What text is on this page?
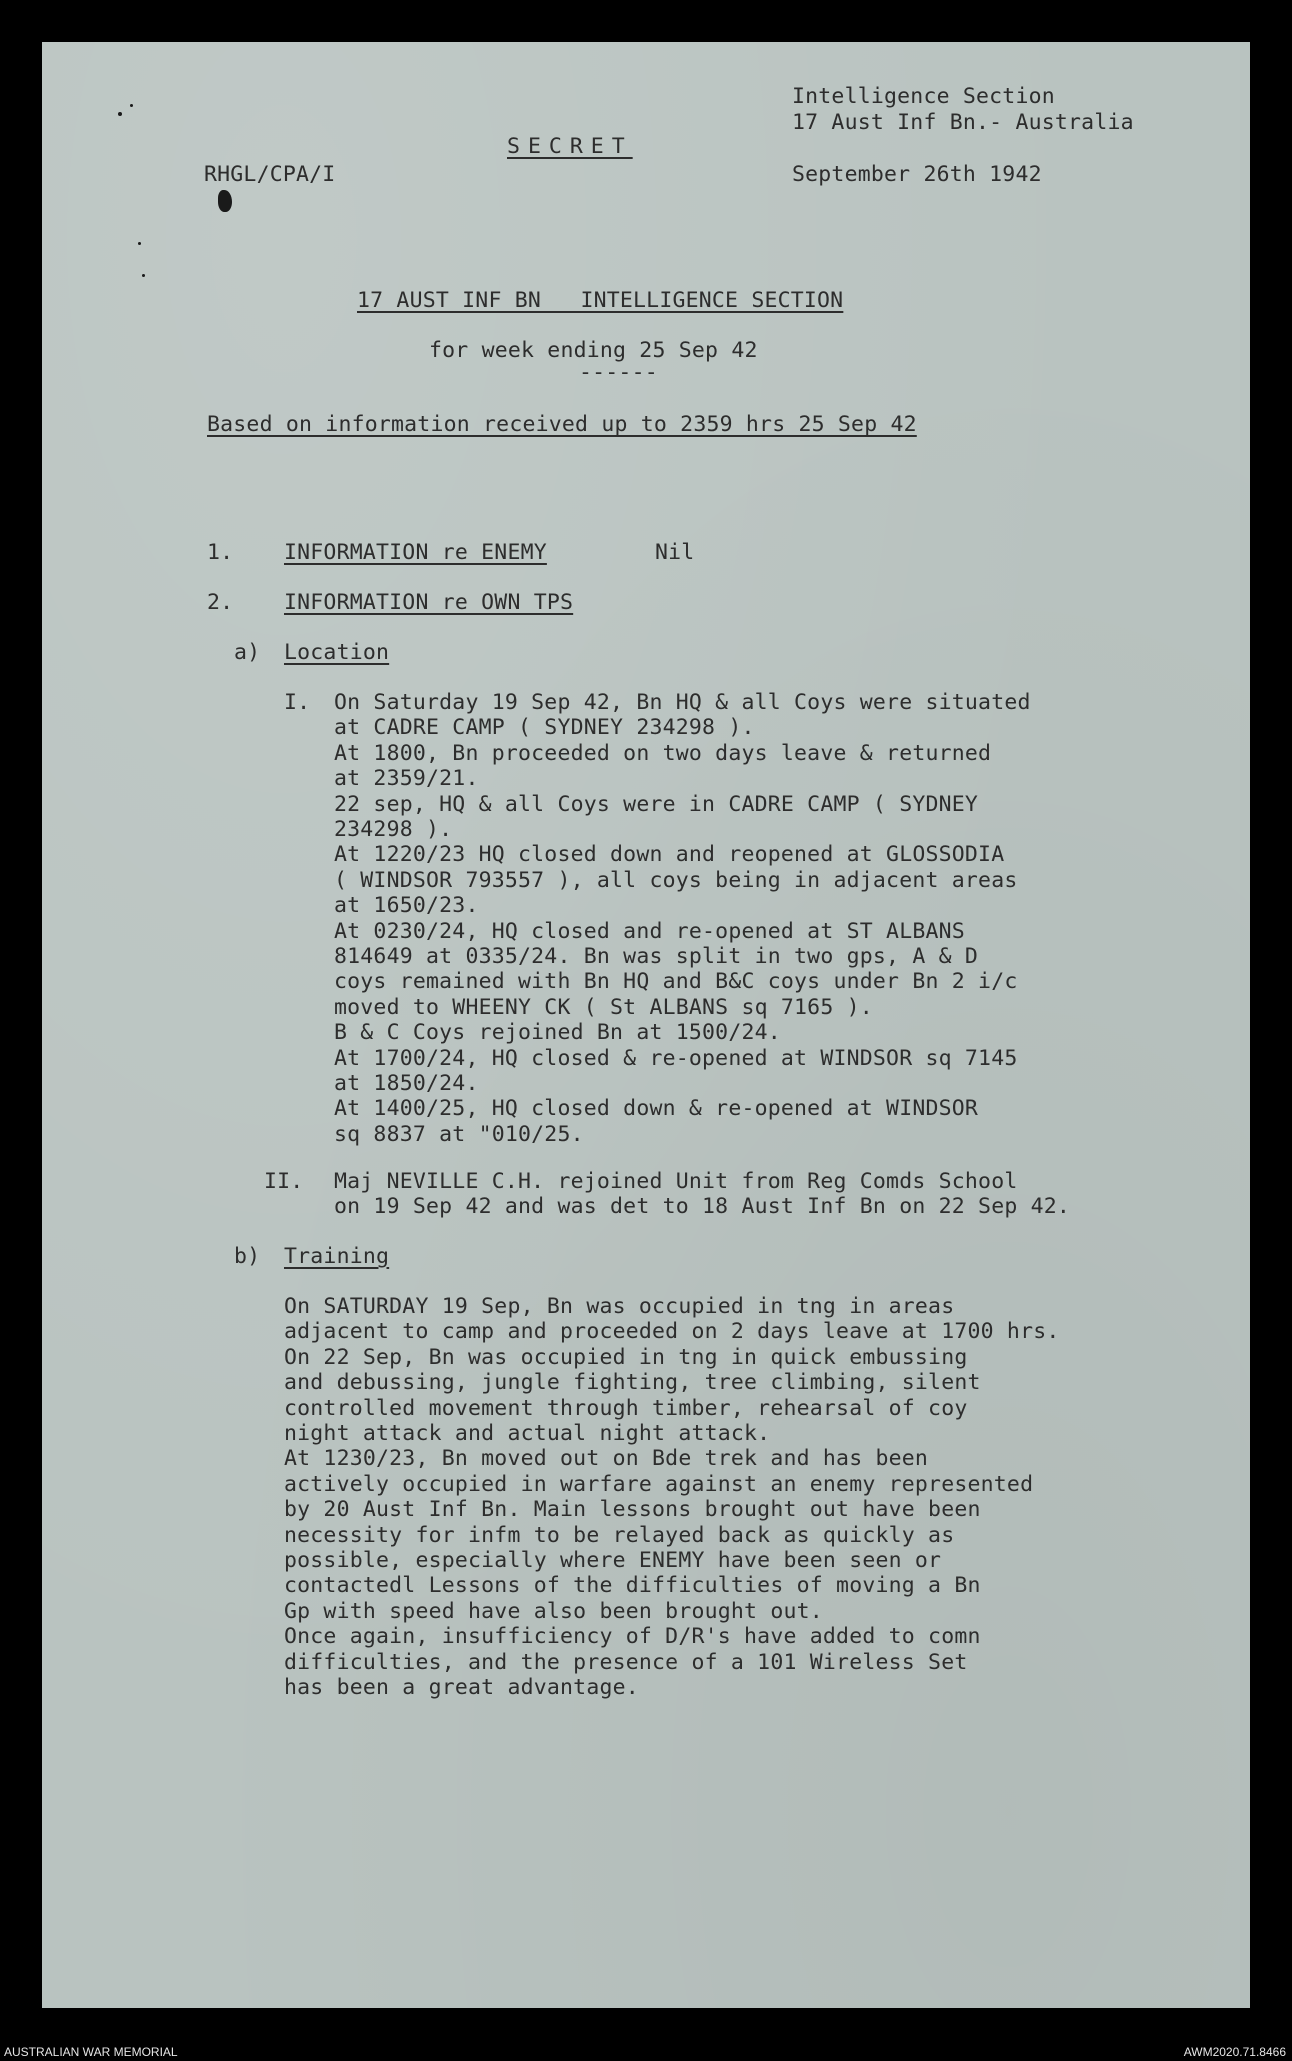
Intelligence Section
17 Aust Inf Bn.- Australia
SECRET
RHGL/CPA/I	September 26th 1942
17 AUST INF BN   INTELLIGENCE SECTION
for week ending 25 Sep 42
------
Based on information received up to 2359 hrs 25 Sep 42
1. INFORMATION re ENEMY	Nil
2. INFORMATION re OWN TPS
a) Location
I. On Saturday 19 Sep 42, Bn HQ & all Coys were situated
at CADRE CAMP ( SYDNEY 234298 ).
At 1800, Bn proceeded on two days leave & returned
at 2359/21.
22 sep, HQ & all Coys were in CADRE CAMP ( SYDNEY
234298 ).
At 1220/23 HQ closed down and reopened at GLOSSODIA
( WINDSOR 793557 ), all coys being in adjacent areas
at 1650/23.
At 0230/24, HQ closed and re-opened at ST ALBANS
814649 at 0335/24. Bn was split in two gps, A & D
coys remained with Bn HQ and B&C coys under Bn 2 i/c
moved to WHEENY CK ( St ALBANS sq 7165 ).
B & C Coys rejoined Bn at 1500/24.
At 1700/24, HQ closed & re-opened at WINDSOR sq 7145
at 1850/24.
At 1400/25, HQ closed down & re-opened at WINDSOR
sq 8837 at "010/25.
II. Maj NEVILLE C.H. rejoined Unit from Reg Comds School
on 19 Sep 42 and was det to 18 Aust Inf Bn on 22 Sep 42.
b) Training
On SATURDAY 19 Sep, Bn was occupied in tng in areas
adjacent to camp and proceeded on 2 days leave at 1700 hrs.
On 22 Sep, Bn was occupied in tng in quick embussing
and debussing, jungle fighting, tree climbing, silent
controlled movement through timber, rehearsal of coy
night attack and actual night attack.
At 1230/23, Bn moved out on Bde trek and has been
actively occupied in warfare against an enemy represented
by 20 Aust Inf Bn. Main lessons brought out have been
necessity for infm to be relayed back as quickly as
possible, especially where ENEMY have been seen or
contactedl Lessons of the difficulties of moving a Bn
Gp with speed have also been brought out.
Once again, insufficiency of D/R's have added to comn
difficulties, and the presence of a 101 Wireless Set
has been a great advantage.
AUSTRALIAN WAR MEMORIAL	AWM2020.71.8466
